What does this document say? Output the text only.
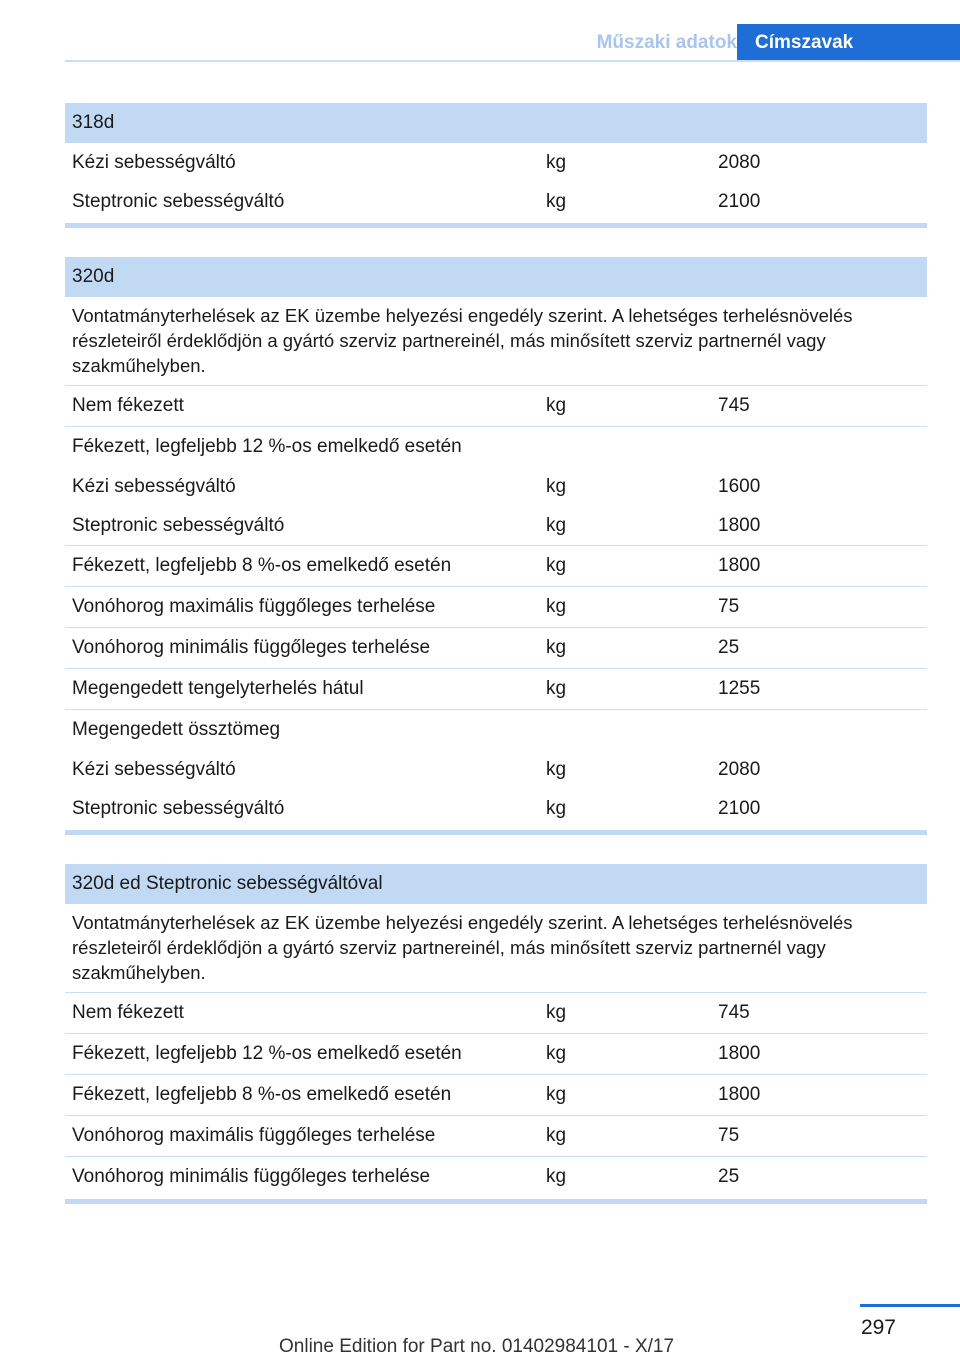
Műszaki adatok Címszavak
318d
Kézi sebességváltó	kg	2080
Steptronic sebességváltó	kg	2100
320d
Vontatmányterhelések az EK üzembe helyezési engedély szerint. A lehetséges terhelésnövelés részleteiről érdeklődjön a gyártó szerviz partnereinél, más minősített szerviz partnernél vagy szakműhelyben.
Nem fékezett	kg	745
Fékezett, legfeljebb 12 %-os emelkedő esetén
Kézi sebességváltó	kg	1600
Steptronic sebességváltó	kg	1800
Fékezett, legfeljebb 8 %-os emelkedő esetén	kg	1800
Vonóhorog maximális függőleges terhelése	kg	75
Vonóhorog minimális függőleges terhelése	kg	25
Megengedett tengelyterhelés hátul	kg	1255
Megengedett össztömeg
Kézi sebességváltó	kg	2080
Steptronic sebességváltó	kg	2100
320d ed Steptronic sebességváltóval
Vontatmányterhelések az EK üzembe helyezési engedély szerint. A lehetséges terhelésnövelés részleteiről érdeklődjön a gyártó szerviz partnereinél, más minősített szerviz partnernél vagy szakműhelyben.
Nem fékezett	kg	745
Fékezett, legfeljebb 12 %-os emelkedő esetén	kg	1800
Fékezett, legfeljebb 8 %-os emelkedő esetén	kg	1800
Vonóhorog maximális függőleges terhelése	kg	75
Vonóhorog minimális függőleges terhelése	kg	25
297
Online Edition for Part no. 01402984101 - X/17
